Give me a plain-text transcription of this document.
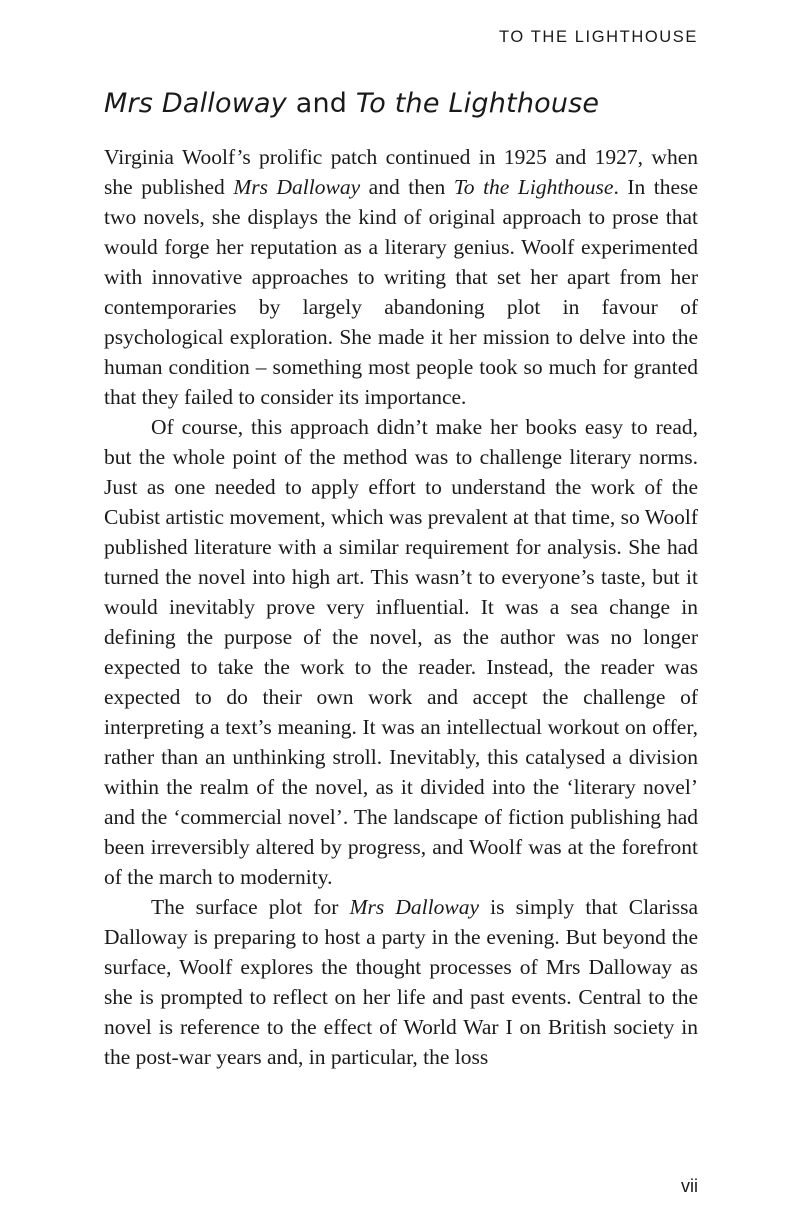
TO THE LIGHTHOUSE
Mrs Dalloway and To the Lighthouse

Virginia Woolf’s prolific patch continued in 1925 and 1927, when she published Mrs Dalloway and then To the Lighthouse. In these two novels, she displays the kind of original approach to prose that would forge her reputation as a literary genius. Woolf experimented with innovative approaches to writing that set her apart from her contemporaries by largely abandoning plot in favour of psychological exploration. She made it her mission to delve into the human condition – something most people took so much for granted that they failed to consider its importance.

Of course, this approach didn’t make her books easy to read, but the whole point of the method was to challenge literary norms. Just as one needed to apply effort to understand the work of the Cubist artistic movement, which was prevalent at that time, so Woolf published literature with a similar requirement for analysis. She had turned the novel into high art. This wasn’t to everyone’s taste, but it would inevitably prove very influential. It was a sea change in defining the purpose of the novel, as the author was no longer expected to take the work to the reader. Instead, the reader was expected to do their own work and accept the challenge of interpreting a text’s meaning. It was an intellectual workout on offer, rather than an unthinking stroll. Inevitably, this catalysed a division within the realm of the novel, as it divided into the ‘literary novel’ and the ‘commercial novel’. The landscape of fiction publishing had been irreversibly altered by progress, and Woolf was at the forefront of the march to modernity.

The surface plot for Mrs Dalloway is simply that Clarissa Dalloway is preparing to host a party in the evening. But beyond the surface, Woolf explores the thought processes of Mrs Dalloway as she is prompted to reflect on her life and past events. Central to the novel is reference to the effect of World War I on British society in the post-war years and, in particular, the loss

vii
